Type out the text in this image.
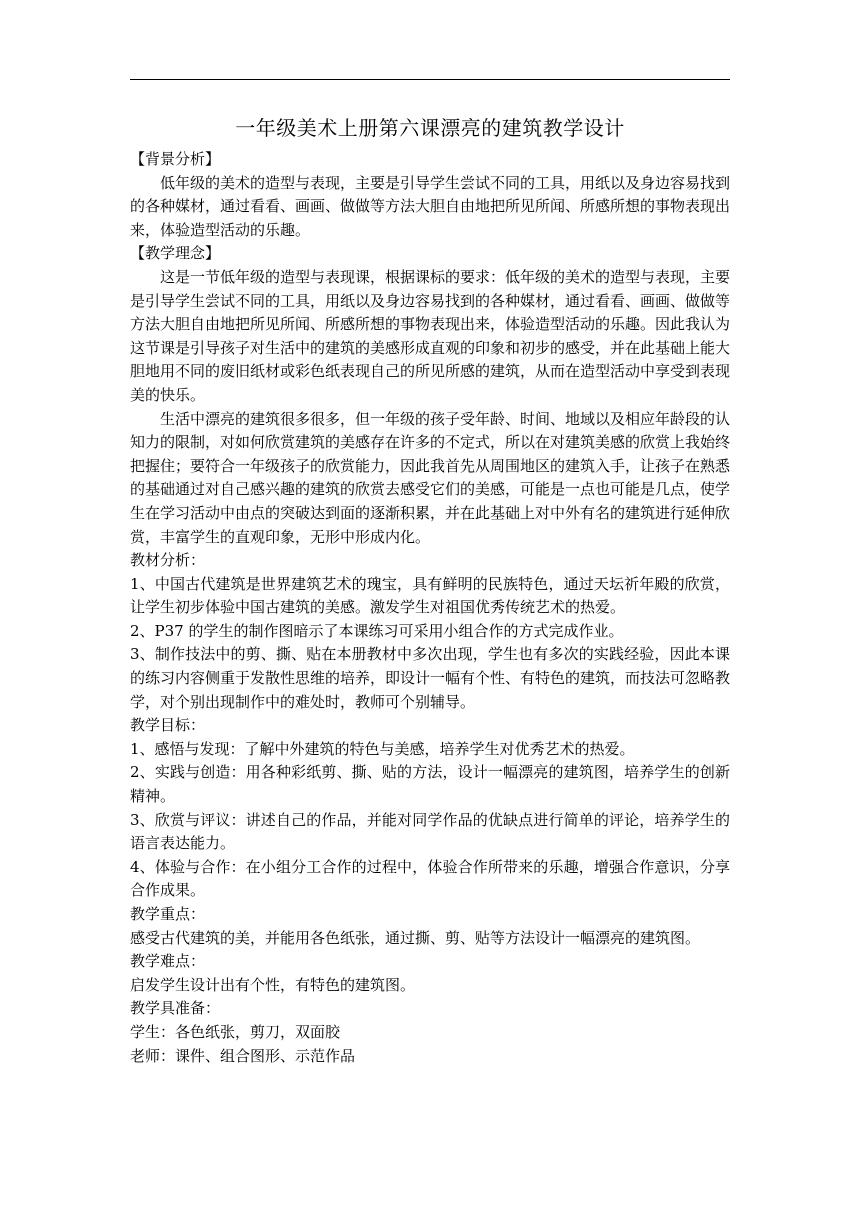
一年级美术上册第六课漂亮的建筑教学设计

【背景分析】

低年级的美术的造型与表现，主要是引导学生尝试不同的工具，用纸以及身边容易找到的各种媒材，通过看看、画画、做做等方法大胆自由地把所见所闻、所感所想的事物表现出来，体验造型活动的乐趣。

【教学理念】

这是一节低年级的造型与表现课，根据课标的要求：低年级的美术的造型与表现，主要是引导学生尝试不同的工具，用纸以及身边容易找到的各种媒材，通过看看、画画、做做等方法大胆自由地把所见所闻、所感所想的事物表现出来，体验造型活动的乐趣。因此我认为这节课是引导孩子对生活中的建筑的美感形成直观的印象和初步的感受，并在此基础上能大胆地用不同的废旧纸材或彩色纸表现自己的所见所感的建筑，从而在造型活动中享受到表现美的快乐。

生活中漂亮的建筑很多很多，但一年级的孩子受年龄、时间、地域以及相应年龄段的认知力的限制，对如何欣赏建筑的美感存在许多的不定式，所以在对建筑美感的欣赏上我始终把握住；要符合一年级孩子的欣赏能力，因此我首先从周围地区的建筑入手，让孩子在熟悉的基础通过对自己感兴趣的建筑的欣赏去感受它们的美感，可能是一点也可能是几点，使学生在学习活动中由点的突破达到面的逐渐积累，并在此基础上对中外有名的建筑进行延伸欣赏，丰富学生的直观印象，无形中形成内化。

教材分析：

1、中国古代建筑是世界建筑艺术的瑰宝，具有鲜明的民族特色，通过天坛祈年殿的欣赏，让学生初步体验中国古建筑的美感。激发学生对祖国优秀传统艺术的热爱。

2、P37 的学生的制作图暗示了本课练习可采用小组合作的方式完成作业。

3、制作技法中的剪、撕、贴在本册教材中多次出现，学生也有多次的实践经验，因此本课的练习内容侧重于发散性思维的培养，即设计一幅有个性、有特色的建筑，而技法可忽略教学，对个别出现制作中的难处时，教师可个别辅导。

教学目标：

1、感悟与发现：了解中外建筑的特色与美感，培养学生对优秀艺术的热爱。

2、实践与创造：用各种彩纸剪、撕、贴的方法，设计一幅漂亮的建筑图，培养学生的创新精神。

3、欣赏与评议：讲述自己的作品，并能对同学作品的优缺点进行简单的评论，培养学生的语言表达能力。

4、体验与合作：在小组分工合作的过程中，体验合作所带来的乐趣，增强合作意识，分享合作成果。

教学重点：

感受古代建筑的美，并能用各色纸张，通过撕、剪、贴等方法设计一幅漂亮的建筑图。

教学难点：

启发学生设计出有个性，有特色的建筑图。

教学具准备：

学生：各色纸张，剪刀，双面胶

老师：课件、组合图形、示范作品
